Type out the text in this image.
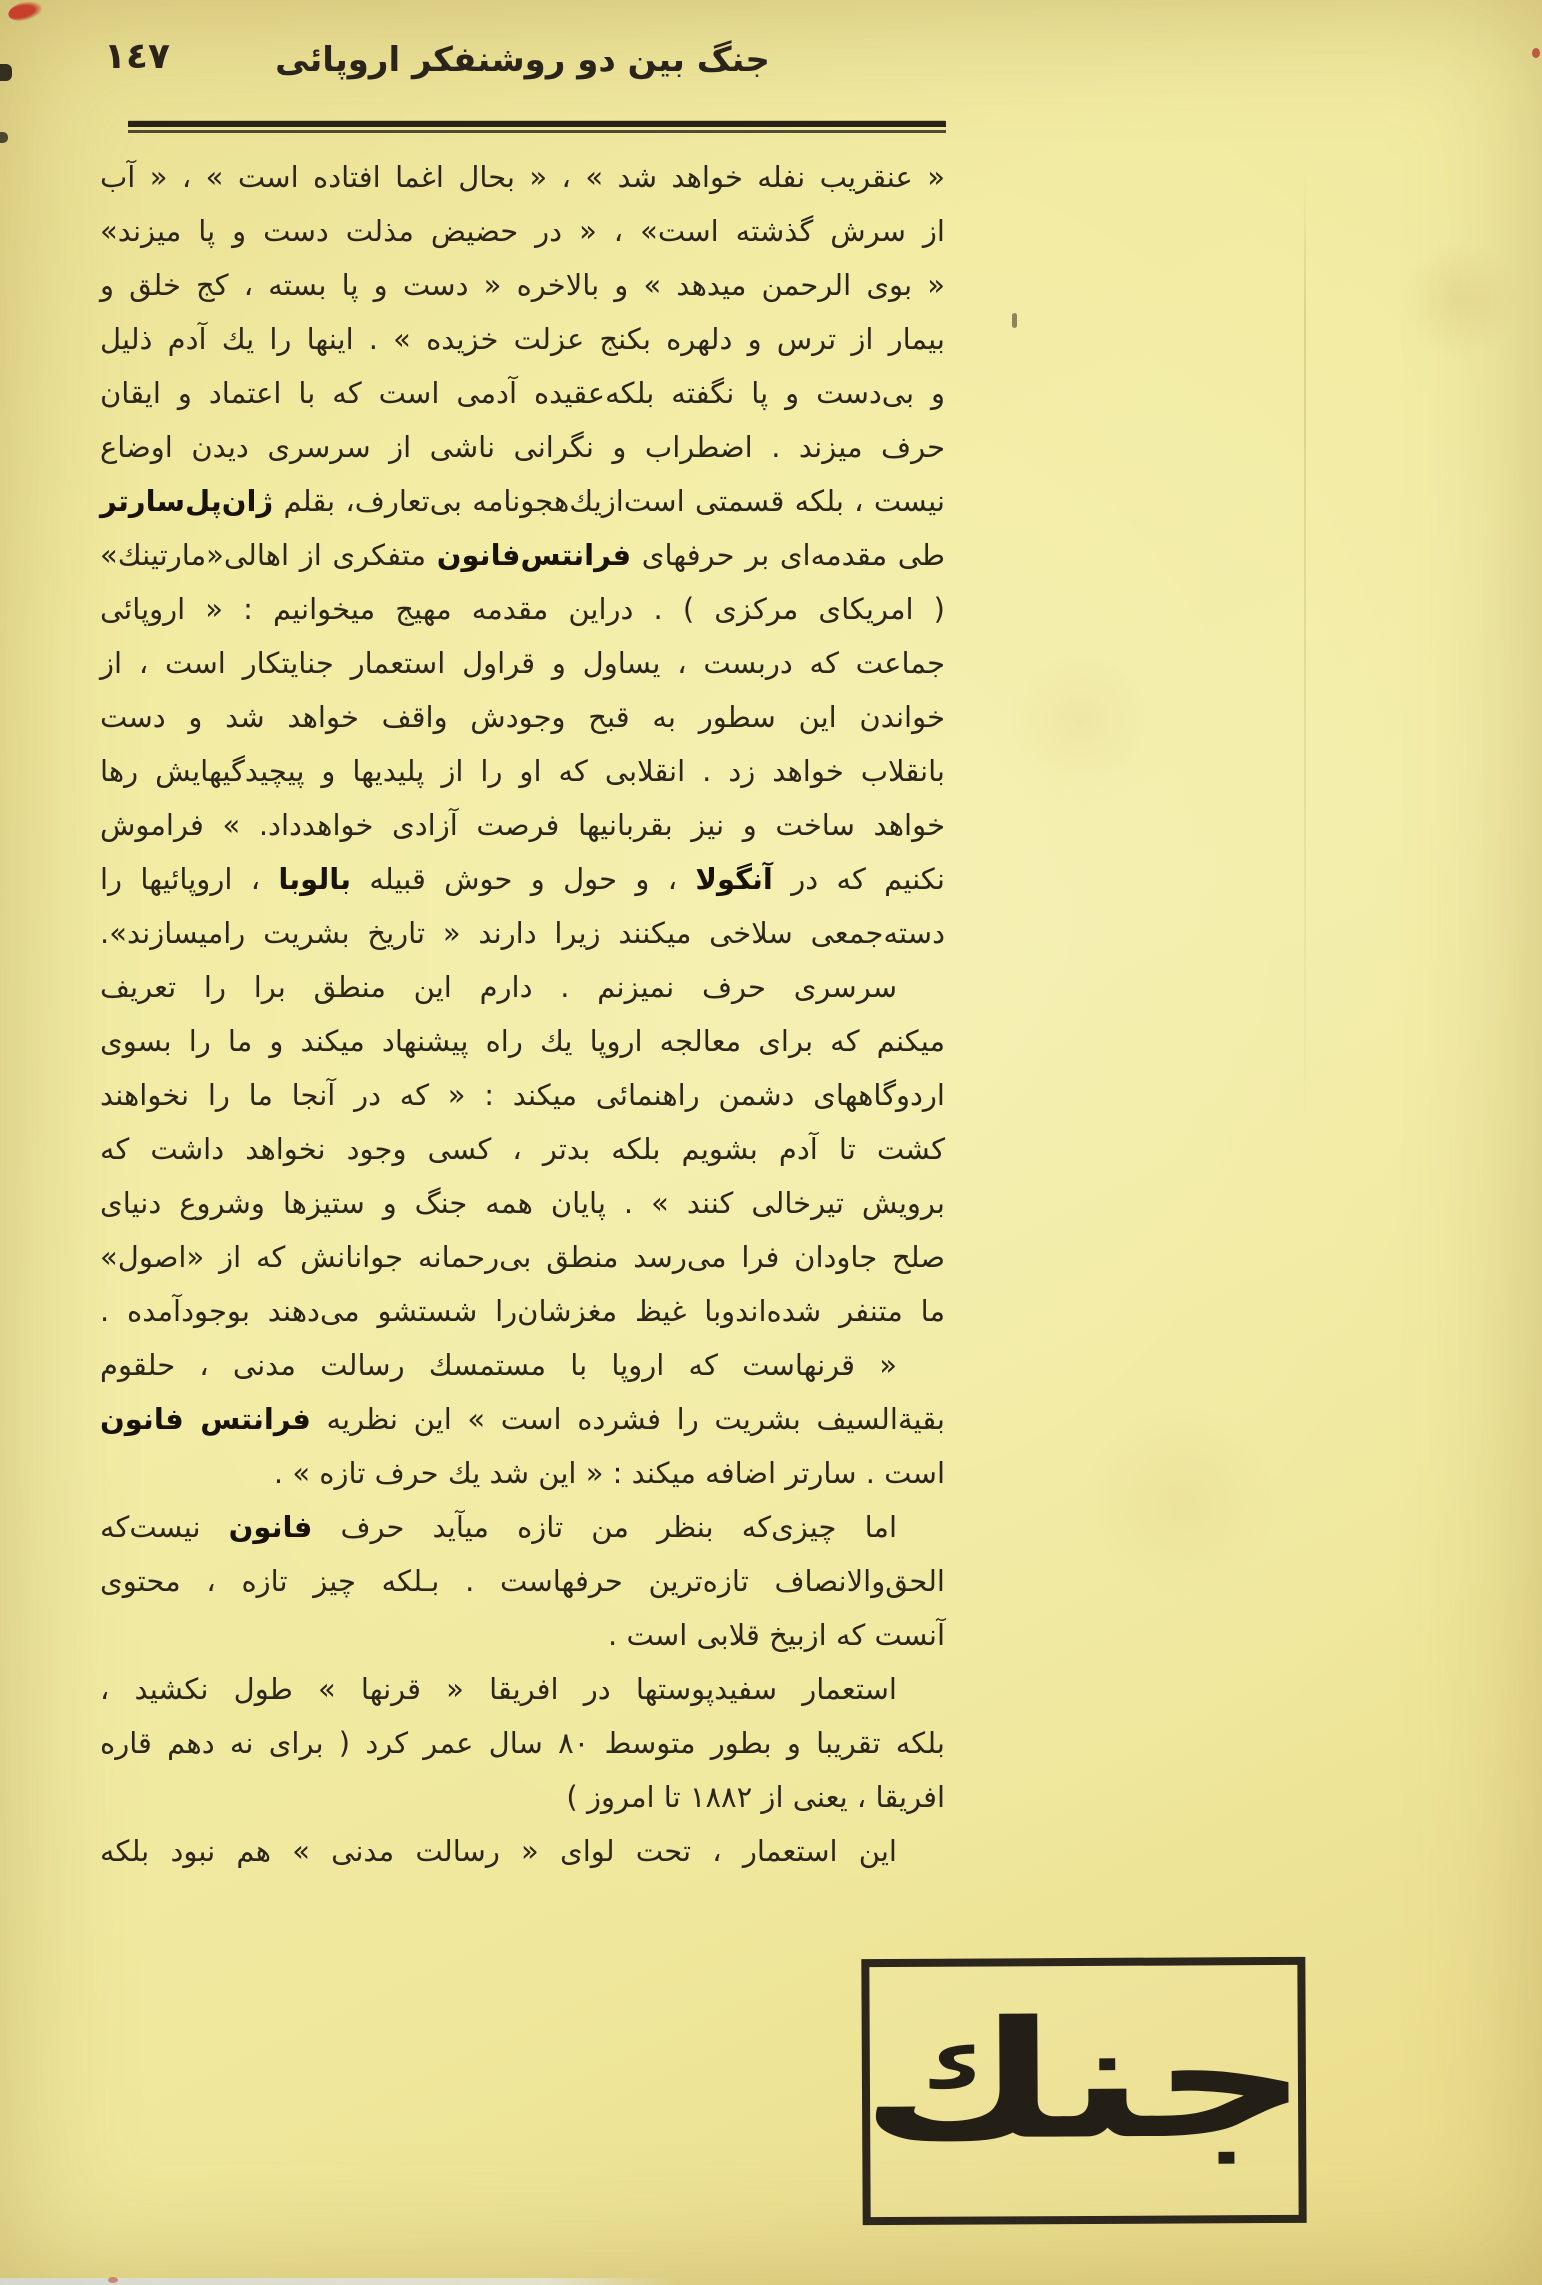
١٤٧	جنگ بین دو روشنفکر اروپائی
« عنقریب نفله خواهد شد » ، « بحال اغما افتاده است » ، « آب
از سرش گذشته است» ، « در حضیض مذلت دست و پا میزند»
« بوی الرحمن میدهد » و بالاخره « دست و پا بسته ، کج خلق و
بیمار از ترس و دلهره بکنج عزلت خزیده » . اینها را یك آدم ذلیل
و بی‌دست و پا نگفته بلکه‌عقیده آدمی است که با اعتماد و ایقان
حرف میزند . اضطراب و نگرانی ناشی از سرسری دیدن اوضاع
نیست ، بلکه قسمتی است‌ازیك‌هجونامه بی‌تعارف، بقلم ژان‌پل‌سارتر
طی مقدمه‌ای بر حرفهای فرانتس‌فانون متفکری از اهالی«مارتینك»
( امریکای مرکزی ) . دراین مقدمه مهیج میخوانیم : « اروپائی
جماعت که دربست ، یساول و قراول استعمار جنایتکار است ، از
خواندن این سطور به قبح وجودش واقف خواهد شد و دست
بانقلاب خواهد زد . انقلابی که او را از پلیدیها و پیچیدگیهایش رها
خواهد ساخت و نیز بقربانیها فرصت آزادی خواهدداد. » فراموش
نکنیم که در آنگولا ، و حول و حوش قبیله بالوبا ، اروپائیها را
دسته‌جمعی سلاخی میکنند زیرا دارند « تاریخ بشریت رامیسازند».
سرسری حرف نمیزنم . دارم این منطق برا را تعریف
میکنم که برای معالجه اروپا یك راه پیشنهاد میکند و ما را بسوی
اردوگاههای دشمن راهنمائی میکند : « که در آنجا ما را نخواهند
کشت تا آدم بشویم بلکه بدتر ، کسی وجود نخواهد داشت که
برویش تیرخالی کنند » . پایان همه جنگ و ستیزها وشروع دنیای
صلح جاودان فرا می‌رسد منطق بی‌رحمانه جوانانش که از «اصول»
ما متنفر شده‌اندوبا غیظ مغزشان‌را شستشو می‌دهند بوجودآمده .
« قرنهاست که اروپا با مستمسك رسالت مدنی ، حلقوم
بقیةالسیف بشریت را فشرده است » این نظریه فرانتس فانون
است . سارتر اضافه میکند : « این شد یك حرف تازه » .
اما چیزی‌که بنظر من تازه میآید حرف فانون نیست‌که
الحق‌والانصاف تازه‌ترین حرفهاست . بـلکه چیز تازه ، محتوی
آنست که ازبیخ قلابی است .
استعمار سفیدپوستها در افریقا « قرنها » طول نکشید ،
بلکه تقریبا و بطور متوسط ٨٠ سال عمر کرد ( برای نه دهم قاره
افریقا ، یعنی از ١٨٨٢ تا امروز )
این استعمار ، تحت لوای « رسالت مدنی » هم نبود بلکه
جنك
